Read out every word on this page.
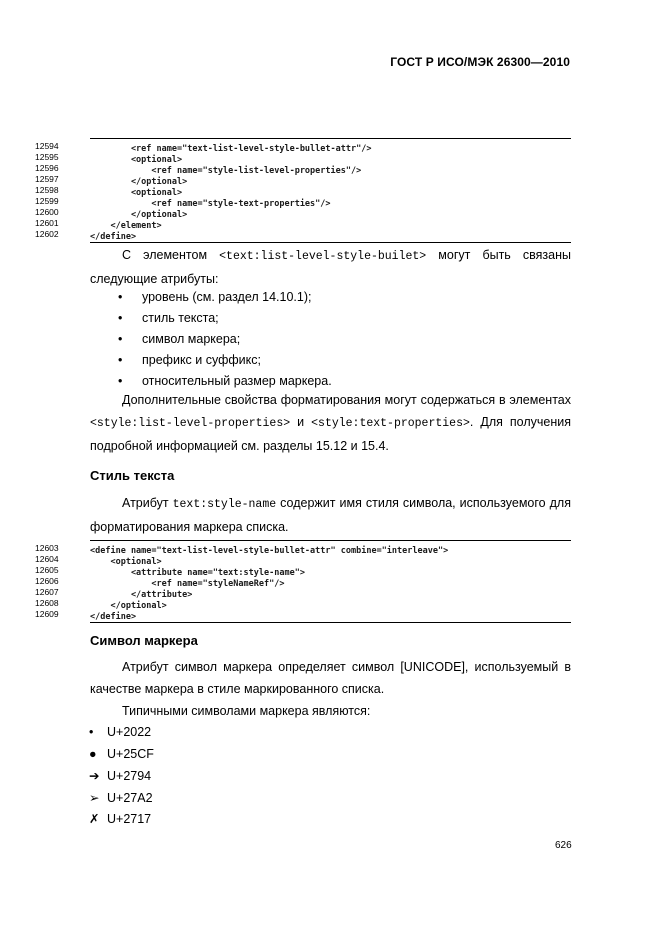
ГОСТ Р ИСО/МЭК 26300—2010
12594	<ref name="text-list-level-style-bullet-attr"/>
12595	<optional>
12596	<ref name="style-list-level-properties"/>
12597	</optional>
12598	<optional>
12599	<ref name="style-text-properties"/>
12600	</optional>
12601	</element>
12602	</define>
С элементом <text:list-level-style-builet> могут быть связаны следующие атрибуты:
• уровень (см. раздел 14.10.1);
• стиль текста;
• символ маркера;
• префикс и суффикс;
• относительный размер маркера.
Дополнительные свойства форматирования могут содержаться в элементах <style:list-level-properties> и <style:text-properties>. Для получения подробной информацией см. разделы 15.12 и 15.4.
Стиль текста
Атрибут text:style-name содержит имя стиля символа, используемого для форматирования маркера списка.
12603	<define name="text-list-level-style-bullet-attr" combine="interleave">
12604	<optional>
12605	<attribute name="text:style-name">
12606	<ref name="styleNameRef"/>
12607	</attribute>
12608	</optional>
12609	</define>
Символ маркера
Атрибут символ маркера определяет символ [UNICODE], используемый в качестве маркера в стиле маркированного списка.
Типичными символами маркера являются:
• U+2022
● U+25CF
➔ U+2794
➢ U+27A2
✗ U+2717
626
